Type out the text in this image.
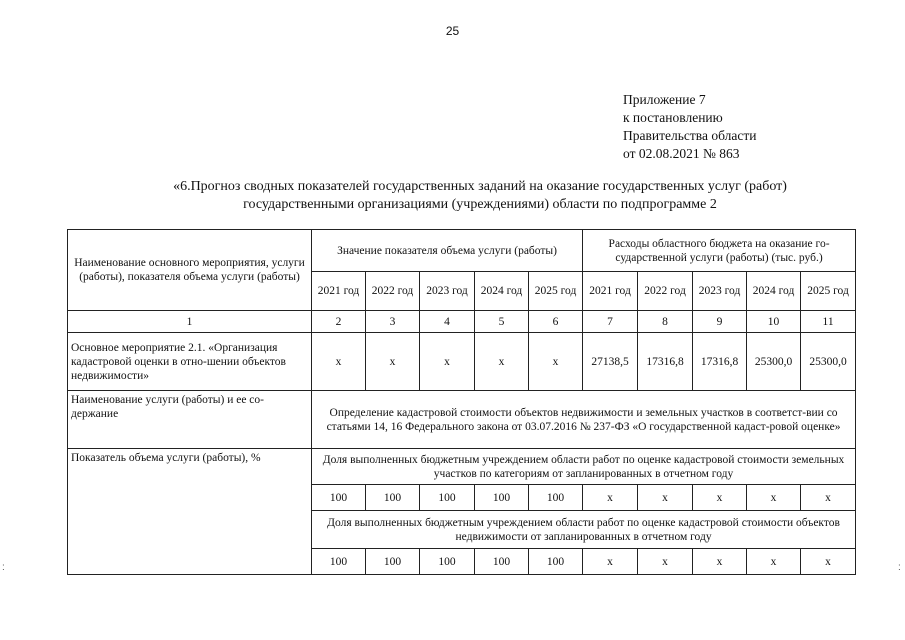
25
Приложение 7
к постановлению
Правительства области
от 02.08.2021 № 863
«6.Прогноз сводных показателей государственных заданий на оказание государственных услуг (работ)
государственными организациями (учреждениями) области по подпрограмме 2
:	:
Наименование основного мероприятия, услуги (работы), показателя объема услуги (работы)	Значение показателя объема услуги (работы)					Расходы областного бюджета на оказание го-сударственной услуги (работы) (тыс. руб.)				
	2021 год	2022 год	2023 год	2024 год	2025 год	2021 год	2022 год	2023 год	2024 год	2025 год
1	2	3	4	5	6	7	8	9	10	11
Основное мероприятие 2.1. «Организация кадастровой оценки в отно-шении объектов недвижимости»	х	х	х	х	х	27138,5	17316,8	17316,8	25300,0	25300,0
Наименование услуги (работы) и ее со-держание	Определение кадастровой стоимости объектов недвижимости и земельных участков в соответст-вии со статьями 14, 16 Федерального закона от 03.07.2016 № 237-ФЗ «О государственной кадаст-ровой оценке»									
Показатель объема услуги (работы), %	Доля выполненных бюджетным учреждением области работ по оценке кадастровой стоимости земельных участков по категориям от запланированных в отчетном году									
	100	100	100	100	100	х	х	х	х	х
	Доля выполненных бюджетным учреждением области работ по оценке кадастровой стоимости объектов недвижимости от запланированных в отчетном году									
	100	100	100	100	100	х	х	х	х	х
